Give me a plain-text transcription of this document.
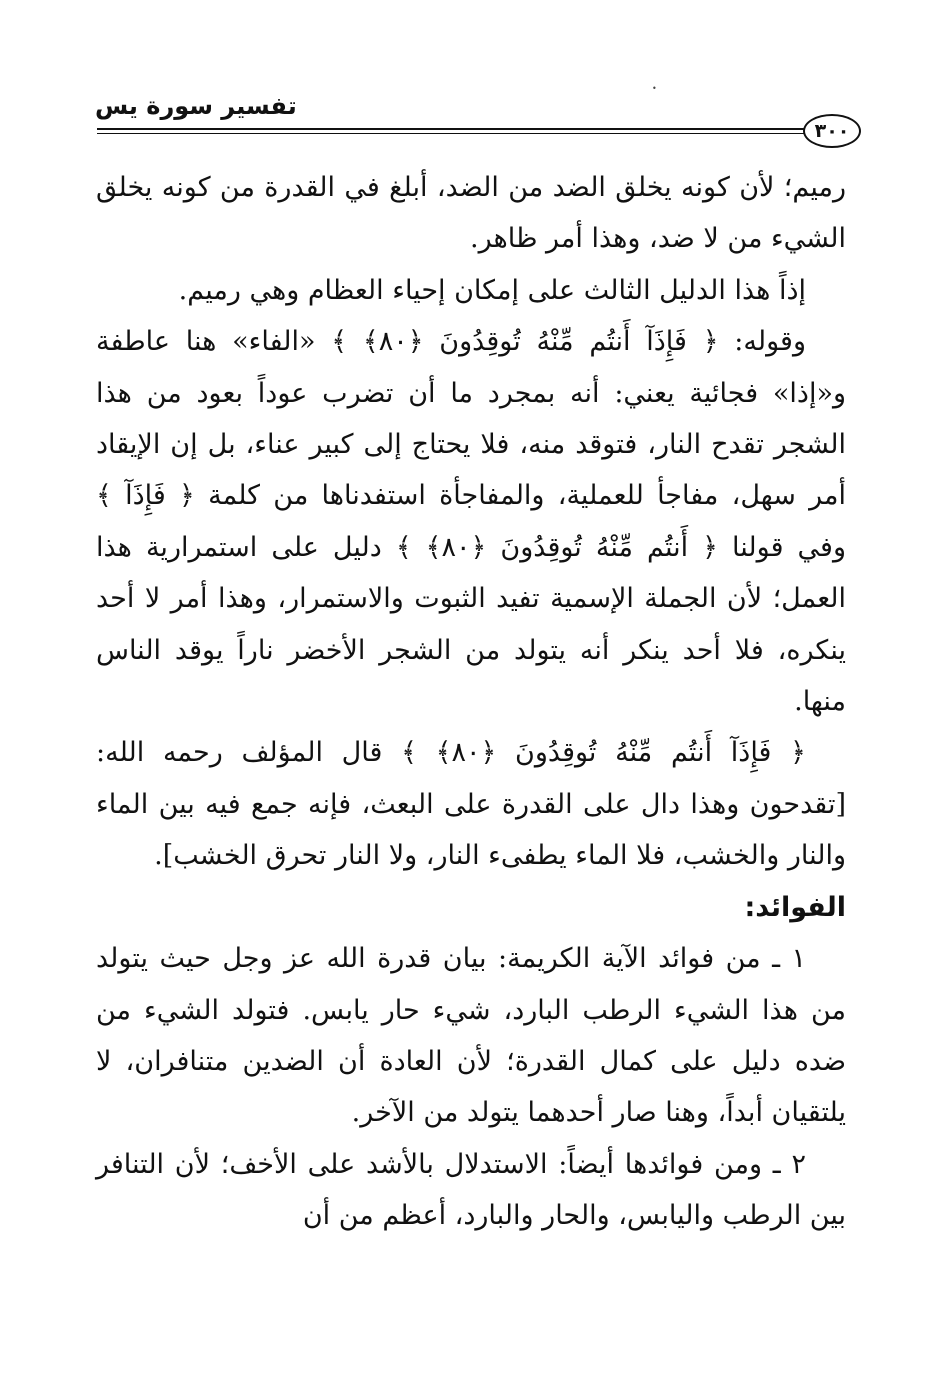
•
تفسير سورة يس
٣٠٠

رميم؛ لأن كونه يخلق الضد من الضد، أبلغ في القدرة من كونه يخلق الشيء من لا ضد، وهذا أمر ظاهر.

إذاً هذا الدليل الثالث على إمكان إحياء العظام وهي رميم.

وقوله: ﴿ فَإِذَآ أَنتُم مِّنْهُ تُوقِدُونَ ﴿٨٠﴾ ﴾ «الفاء» هنا عاطفة و«إذا» فجائية يعني: أنه بمجرد ما أن تضرب عوداً بعود من هذا الشجر تقدح النار، فتوقد منه، فلا يحتاج إلى كبير عناء، بل إن الإيقاد أمر سهل، مفاجأ للعملية، والمفاجأة استفدناها من كلمة ﴿ فَإِذَآ ﴾ وفي قولنا ﴿ أَنتُم مِّنْهُ تُوقِدُونَ ﴿٨٠﴾ ﴾ دليل على استمرارية هذا العمل؛ لأن الجملة الإسمية تفيد الثبوت والاستمرار، وهذا أمر لا أحد ينكره، فلا أحد ينكر أنه يتولد من الشجر الأخضر ناراً يوقد الناس منها.

﴿ فَإِذَآ أَنتُم مِّنْهُ تُوقِدُونَ ﴿٨٠﴾ ﴾ قال المؤلف رحمه الله: [تقدحون وهذا دال على القدرة على البعث، فإنه جمع فيه بين الماء والنار والخشب، فلا الماء يطفىء النار، ولا النار تحرق الخشب].

الفوائد:

١ ـ من فوائد الآية الكريمة: بيان قدرة الله عز وجل حيث يتولد من هذا الشيء الرطب البارد، شيء حار يابس. فتولد الشيء من ضده دليل على كمال القدرة؛ لأن العادة أن الضدين متنافران، لا يلتقيان أبداً، وهنا صار أحدهما يتولد من الآخر.

٢ ـ ومن فوائدها أيضاً: الاستدلال بالأشد على الأخف؛ لأن التنافر بين الرطب واليابس، والحار والبارد، أعظم من أن
